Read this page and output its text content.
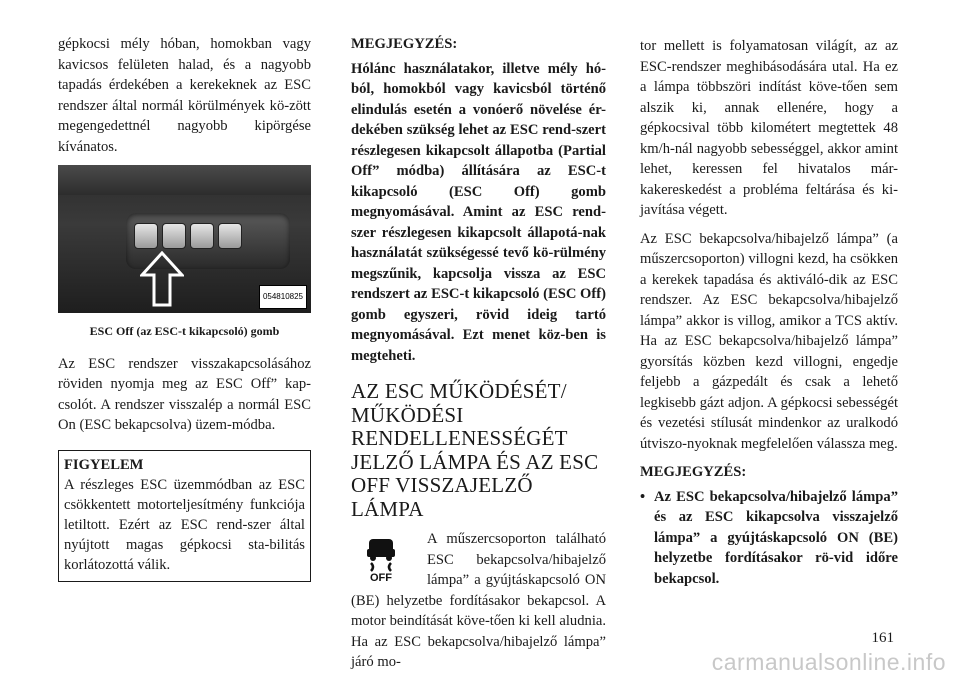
gépkocsi mély hóban, homokban vagy kavicsos felületen halad, és a nagyobb tapadás érdekében a kerekeknek az ESC rendszer által normál körülmények kö-zött megengedettnél nagyobb kipörgése kívánatos.

054810825
ESC Off (az ESC-t kikapcsoló) gomb

Az ESC rendszer visszakapcsolásához röviden nyomja meg az ESC Off” kap-csolót. A rendszer visszalép a normál ESC On (ESC bekapcsolva) üzem-módba.

FIGYELEM
A részleges ESC üzemmódban az ESC csökkentett motorteljesítmény funkciója letiltott. Ezért az ESC rend-szer által nyújtott magas gépkocsi sta-bilitás korlátozottá válik.
MEGJEGYZÉS:

Hólánc használatakor, illetve mély hó-ból, homokból vagy kavicsból történő elindulás esetén a vonóerő növelése ér-dekében szükség lehet az ESC rend-szert részlegesen kikapcsolt állapotba (Partial Off” módba) állítására az ESC-t kikapcsoló (ESC Off) gomb megnyomásával. Amint az ESC rend-szer részlegesen kikapcsolt állapotá-nak használatát szükségessé tevő kö-rülmény megszűnik, kapcsolja vissza az ESC rendszert az ESC-t kikapcsoló (ESC Off) gomb egyszeri, rövid ideig tartó megnyomásával. Ezt menet köz-ben is megteheti.

AZ ESC MŰKÖDÉSÉT/ MŰKÖDÉSI RENDELLENESSÉGÉT JELZŐ LÁMPA ÉS AZ ESC OFF VISSZAJELZŐ LÁMPA
OFF
A műszercsoporton található ESC bekapcsolva/hibajelző lámpa” a gyújtáskapcsoló ON (BE) helyzetbe fordításakor bekapcsol. A motor beindítását köve-tően ki kell aludnia. Ha az ESC bekapcsolva/hibajelző lámpa” járó mo-

tor mellett is folyamatosan világít, az az ESC-rendszer meghibásodására utal. Ha ez a lámpa többszöri indítást köve-tően sem alszik ki, annak ellenére, hogy a gépkocsival több kilométert megtettek 48 km/h-nál nagyobb sebességgel, akkor amint lehet, keressen fel hivatalos már-kakereskedést a probléma feltárása és ki-javítása végett.

Az ESC bekapcsolva/hibajelző lámpa” (a műszercsoporton) villogni kezd, ha csökken a kerekek tapadása és aktiváló-dik az ESC rendszer. Az ESC bekapcsolva/hibajelző lámpa” akkor is villog, amikor a TCS aktív. Ha az ESC bekapcsolva/hibajelző lámpa” gyorsítás közben kezd villogni, engedje feljebb a gázpedált és csak a lehető legkisebb gázt adjon. A gépkocsi sebességét és vezetési stílusát mindenkor az uralkodó útviszo-nyoknak megfelelően válassza meg.

MEGJEGYZÉS:
• Az ESC bekapcsolva/hibajelző lámpa” és az ESC kikapcsolva visszajelző lámpa” a gyújtáskapcsoló ON (BE) helyzetbe fordításakor rö-vid időre bekapcsol.
161
carmanualsonline.info
